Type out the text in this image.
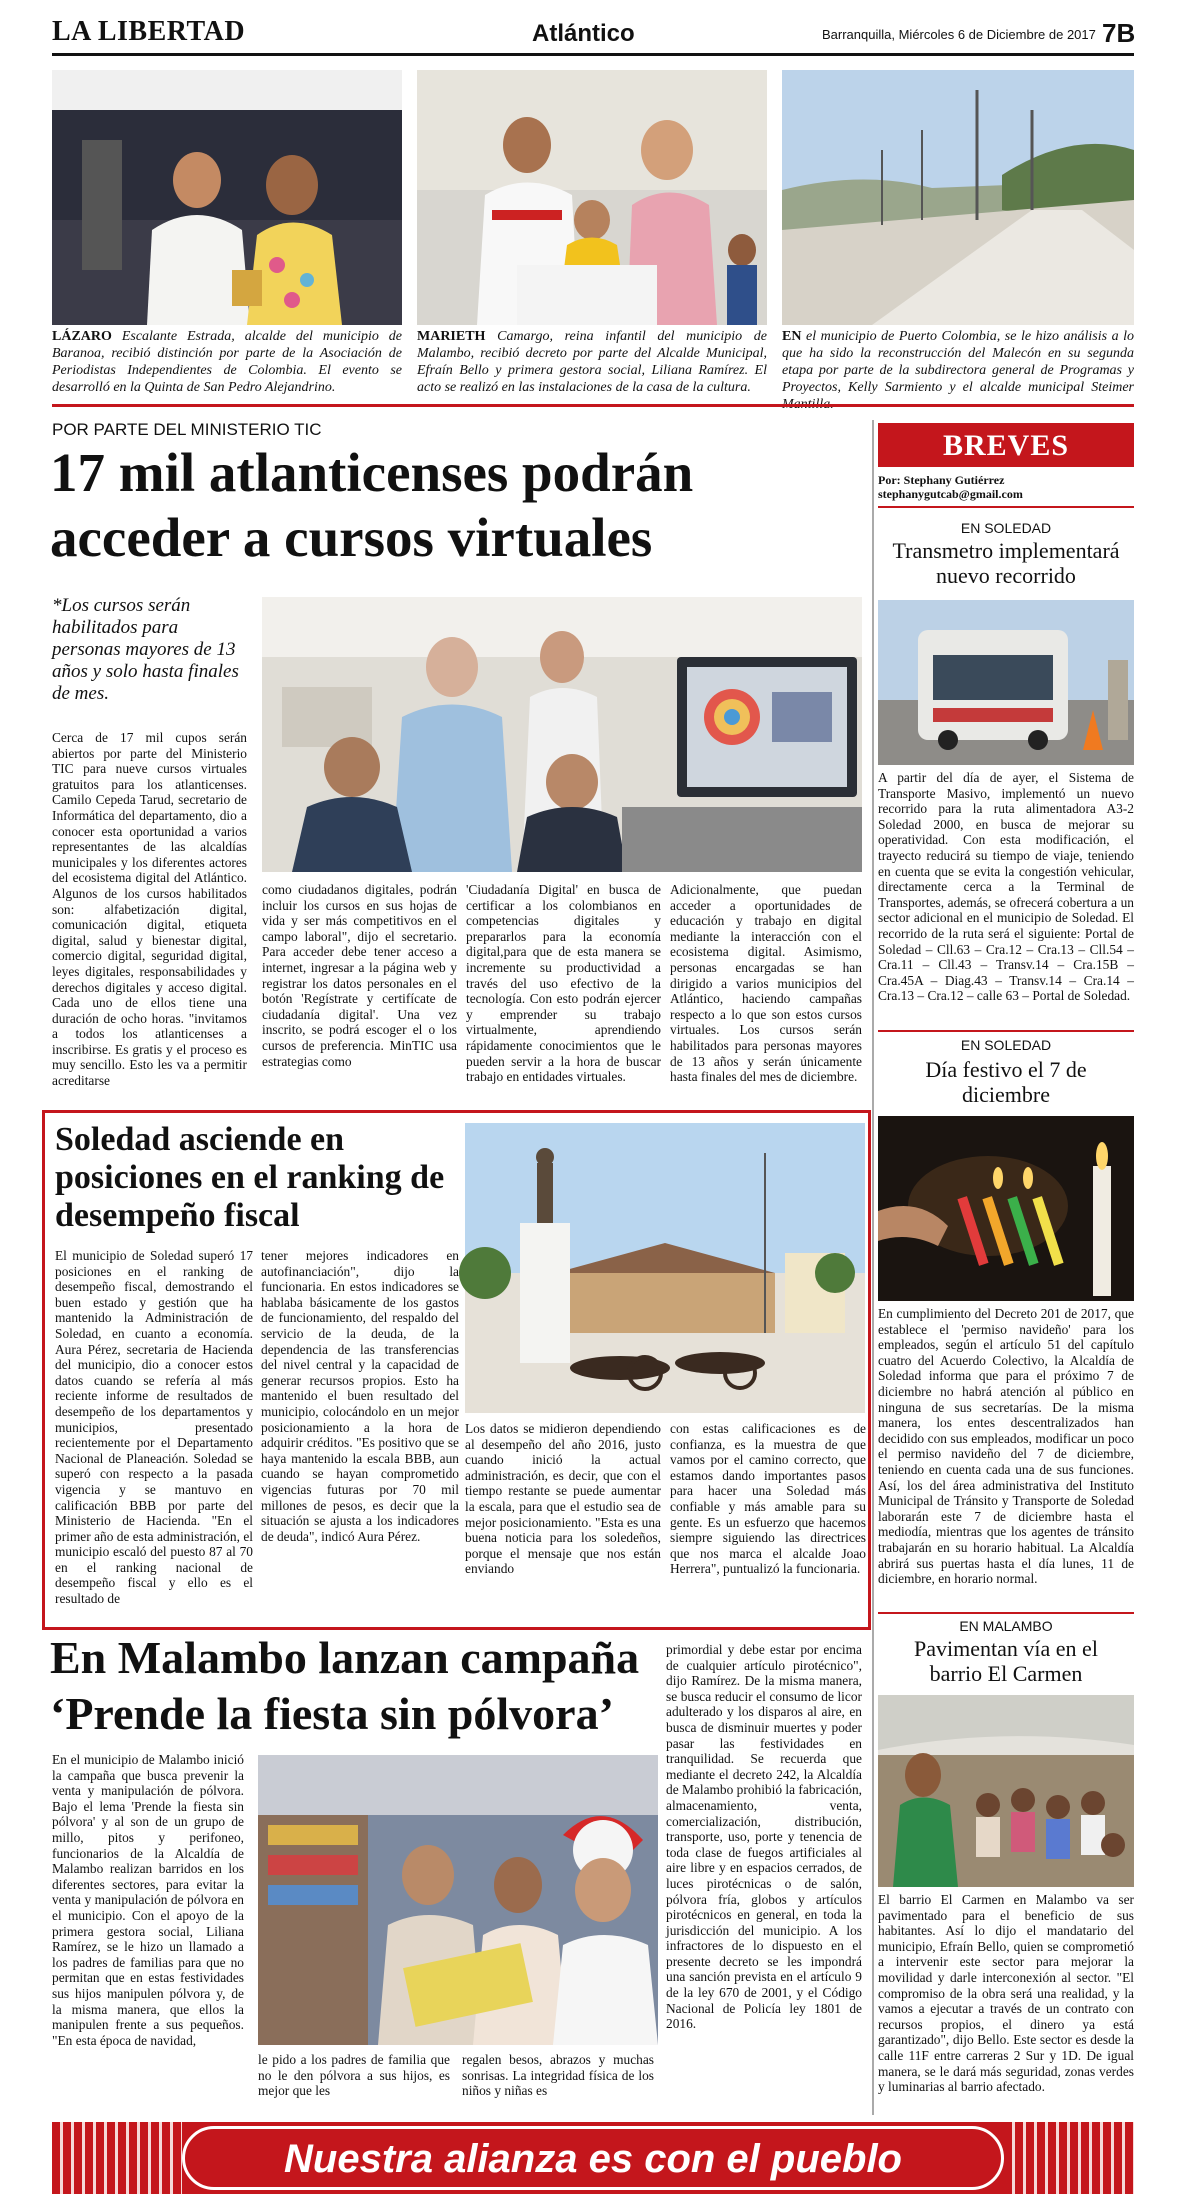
LA LIBERTAD	Atlántico	Barranquilla, Miércoles 6 de Diciembre de 2017 7B
LÁZARO Escalante Estrada, alcalde del municipio de Baranoa, recibió distinción por parte de la Asociación de Periodistas Independientes de Colombia. El evento se desarrolló en la Quinta de San Pedro Alejandrino.
MARIETH Camargo, reina infantil del municipio de Malambo, recibió decreto por parte del Alcalde Municipal, Efraín Bello y primera gestora social, Liliana Ramírez. El acto se realizó en las instalaciones de la casa de la cultura.
EN el municipio de Puerto Colombia, se le hizo análisis a lo que ha sido la reconstrucción del Malecón en su segunda etapa por parte de la subdirectora general de Programas y Proyectos, Kelly Sarmiento y el alcalde municipal Steimer
POR PARTE DEL MINISTERIO TIC
17 mil atlanticenses podrán
acceder a cursos virtuales
*Los cursos serán habilitados para personas mayores de 13 años y solo hasta finales de mes.
Cerca de 17 mil cupos serán abiertos por parte del Ministerio TIC para nueve cursos virtuales gratuitos para los atlanticenses. Camilo Cepeda Tarud, secretario de Informática del departamento, dio a conocer esta oportunidad a varios representantes de las alcaldías municipales y los diferentes actores del ecosistema digital del Atlántico. Algunos de los cursos habilitados son: alfabetización digital, comunicación digital, etiqueta digital, salud y bienestar digital, comercio digital, seguridad digital, leyes digitales, responsabilidades y derechos digitales y acceso digital. Cada uno de ellos tiene una duración de ocho horas. "invitamos a todos los atlanticenses a inscribirse. Es gratis y el proceso es muy sencillo. Esto les va a permitir acreditarse
como ciudadanos digitales, podrán incluir los cursos en sus hojas de vida y ser más competitivos en el campo laboral", dijo el secretario. Para acceder debe tener acceso a internet, ingresar a la página web y registrar los datos personales en el botón 'Regístrate y certifícate de ciudadanía digital'. Una vez inscrito, se podrá escoger el o los cursos de preferencia. MinTIC usa estrategias como
'Ciudadanía Digital' en busca de certificar a los colombianos en competencias digitales y prepararlos para la economía digital,para que de esta manera se incremente su productividad a través del uso efectivo de la tecnología. Con esto podrán ejercer y emprender su trabajo virtualmente, aprendiendo rápidamente conocimientos que le pueden servir a la hora de buscar trabajo en entidades virtuales.
Adicionalmente, que puedan acceder a oportunidades de educación y trabajo en digital mediante la interacción con el ecosistema digital. Asimismo, personas encargadas se han dirigido a varios municipios del Atlántico, haciendo campañas respecto a lo que son estos cursos virtuales. Los cursos serán habilitados para personas mayores de 13 años y serán únicamente hasta finales del mes de diciembre.
Soledad asciende en posiciones en el ranking de desempeño fiscal
El municipio de Soledad superó 17 posiciones en el ranking de desempeño fiscal, demostrando el buen estado y gestión que ha mantenido la Administración de Soledad, en cuanto a economía. Aura Pérez, secretaria de Hacienda del municipio, dio a conocer estos datos cuando se refería al más reciente informe de resultados de desempeño de los departamentos y municipios, presentado recientemente por el Departamento Nacional de Planeación. Soledad se superó con respecto a la pasada vigencia y se mantuvo en calificación BBB por parte del Ministerio de Hacienda. "En el primer año de esta administración, el municipio escaló del puesto 87 al 70 en el ranking nacional de desempeño fiscal y ello es el resultado de
tener mejores indicadores en autofinanciación", dijo la funcionaria. En estos indicadores se hablaba básicamente de los gastos de funcionamiento, del respaldo del servicio de la deuda, de la dependencia de las transferencias del nivel central y la capacidad de generar recursos propios. Esto ha mantenido el buen resultado del municipio, colocándolo en un mejor posicionamiento a la hora de adquirir créditos. "Es positivo que se haya mantenido la escala BBB, aun cuando se hayan comprometido vigencias futuras por 70 mil millones de pesos, es decir que la situación se ajusta a los indicadores de deuda", indicó Aura Pérez.
Los datos se midieron dependiendo al desempeño del año 2016, justo cuando inició la actual administración, es decir, que con el tiempo restante se puede aumentar la escala, para que el estudio sea de mejor posicionamiento. "Esta es una buena noticia para los soledeños, porque el mensaje que nos están enviando
con estas calificaciones es de confianza, es la muestra de que vamos por el camino correcto, que estamos dando importantes pasos para hacer una Soledad más confiable y más amable para su gente. Es un esfuerzo que hacemos siempre siguiendo las directrices que nos marca el alcalde Joao Herrera", puntualizó la funcionaria.
En Malambo lanzan campaña
‘Prende la fiesta sin pólvora’
En el municipio de Malambo inició la campaña que busca prevenir la venta y manipulación de pólvora. Bajo el lema 'Prende la fiesta sin pólvora' y al son de un grupo de millo, pitos y perifoneo, funcionarios de la Alcaldía de Malambo realizan barridos en los diferentes sectores, para evitar la venta y manipulación de pólvora en el municipio. Con el apoyo de la primera gestora social, Liliana Ramírez, se le hizo un llamado a los padres de familias para que no permitan que en estas festividades sus hijos manipulen pólvora y, de la misma manera, que ellos la manipulen frente a sus pequeños. "En esta época de navidad,
le pido a los padres de familia que no le den pólvora a sus hijos, es mejor que les
regalen besos, abrazos y muchas sonrisas. La integridad física de los niños y niñas es
primordial y debe estar por encima de cualquier artículo pirotécnico", dijo Ramírez. De la misma manera, se busca reducir el consumo de licor adulterado y los disparos al aire, en busca de disminuir muertes y poder pasar las festividades en tranquilidad. Se recuerda que mediante el decreto 242, la Alcaldía de Malambo prohibió la fabricación, almacenamiento, venta, comercialización, distribución, transporte, uso, porte y tenencia de toda clase de fuegos artificiales al aire libre y en espacios cerrados, de luces pirotécnicas o de salón, pólvora fría, globos y artículos pirotécnicos en general, en toda la jurisdicción del municipio. A los infractores de lo dispuesto en el presente decreto se les impondrá una sanción prevista en el artículo 9 de la ley 670 de 2001, y el Código Nacional de Policía ley 1801 de 2016.
BREVES
Por: Stephany Gutiérrez
stephanygutcab@gmail.com
EN SOLEDAD
Transmetro implementará nuevo recorrido
A partir del día de ayer, el Sistema de Transporte Masivo, implementó un nuevo recorrido para la ruta alimentadora A3-2 Soledad 2000, en busca de mejorar su operatividad. Con esta modificación, el trayecto reducirá su tiempo de viaje, teniendo en cuenta que se evita la congestión vehicular, directamente cerca a la Terminal de Transportes, además, se ofrecerá cobertura a un sector adicional en el municipio de Soledad. El recorrido de la ruta será el siguiente: Portal de Soledad – Cll.63 – Cra.12 – Cra.13 – Cll.54 – Cra.11 – Cll.43 – Transv.14 – Cra.15B – Cra.45A – Diag.43 – Transv.14 – Cra.14 – Cra.13 – Cra.12 – calle 63 – Portal de Soledad.
EN SOLEDAD
Día festivo el 7 de diciembre
En cumplimiento del Decreto 201 de 2017, que establece el 'permiso navideño' para los empleados, según el artículo 51 del capítulo cuatro del Acuerdo Colectivo, la Alcaldía de Soledad informa que para el próximo 7 de diciembre no habrá atención al público en ninguna de sus secretarías. De la misma manera, los entes descentralizados han decidido con sus empleados, modificar un poco el permiso navideño del 7 de diciembre, teniendo en cuenta cada una de sus funciones. Así, los del área administrativa del Instituto Municipal de Tránsito y Transporte de Soledad laborarán este 7 de diciembre hasta el mediodía, mientras que los agentes de tránsito trabajarán en su horario habitual. La Alcaldía abrirá sus puertas hasta el día lunes, 11 de diciembre, en horario normal.
EN MALAMBO
Pavimentan vía en el barrio El Carmen
El barrio El Carmen en Malambo va ser pavimentado para el beneficio de sus habitantes. Así lo dijo el mandatario del municipio, Efraín Bello, quien se comprometió a intervenir este sector para mejorar la movilidad y darle interconexión al sector. "El compromiso de la obra será una realidad, y la vamos a ejecutar a través de un contrato con recursos propios, el dinero ya está garantizado", dijo Bello. Este sector es desde la calle 11F entre carreras 2 Sur y 1D. De igual manera, se le dará más seguridad, zonas verdes y luminarias al barrio afectado.
Nuestra alianza es con el pueblo
